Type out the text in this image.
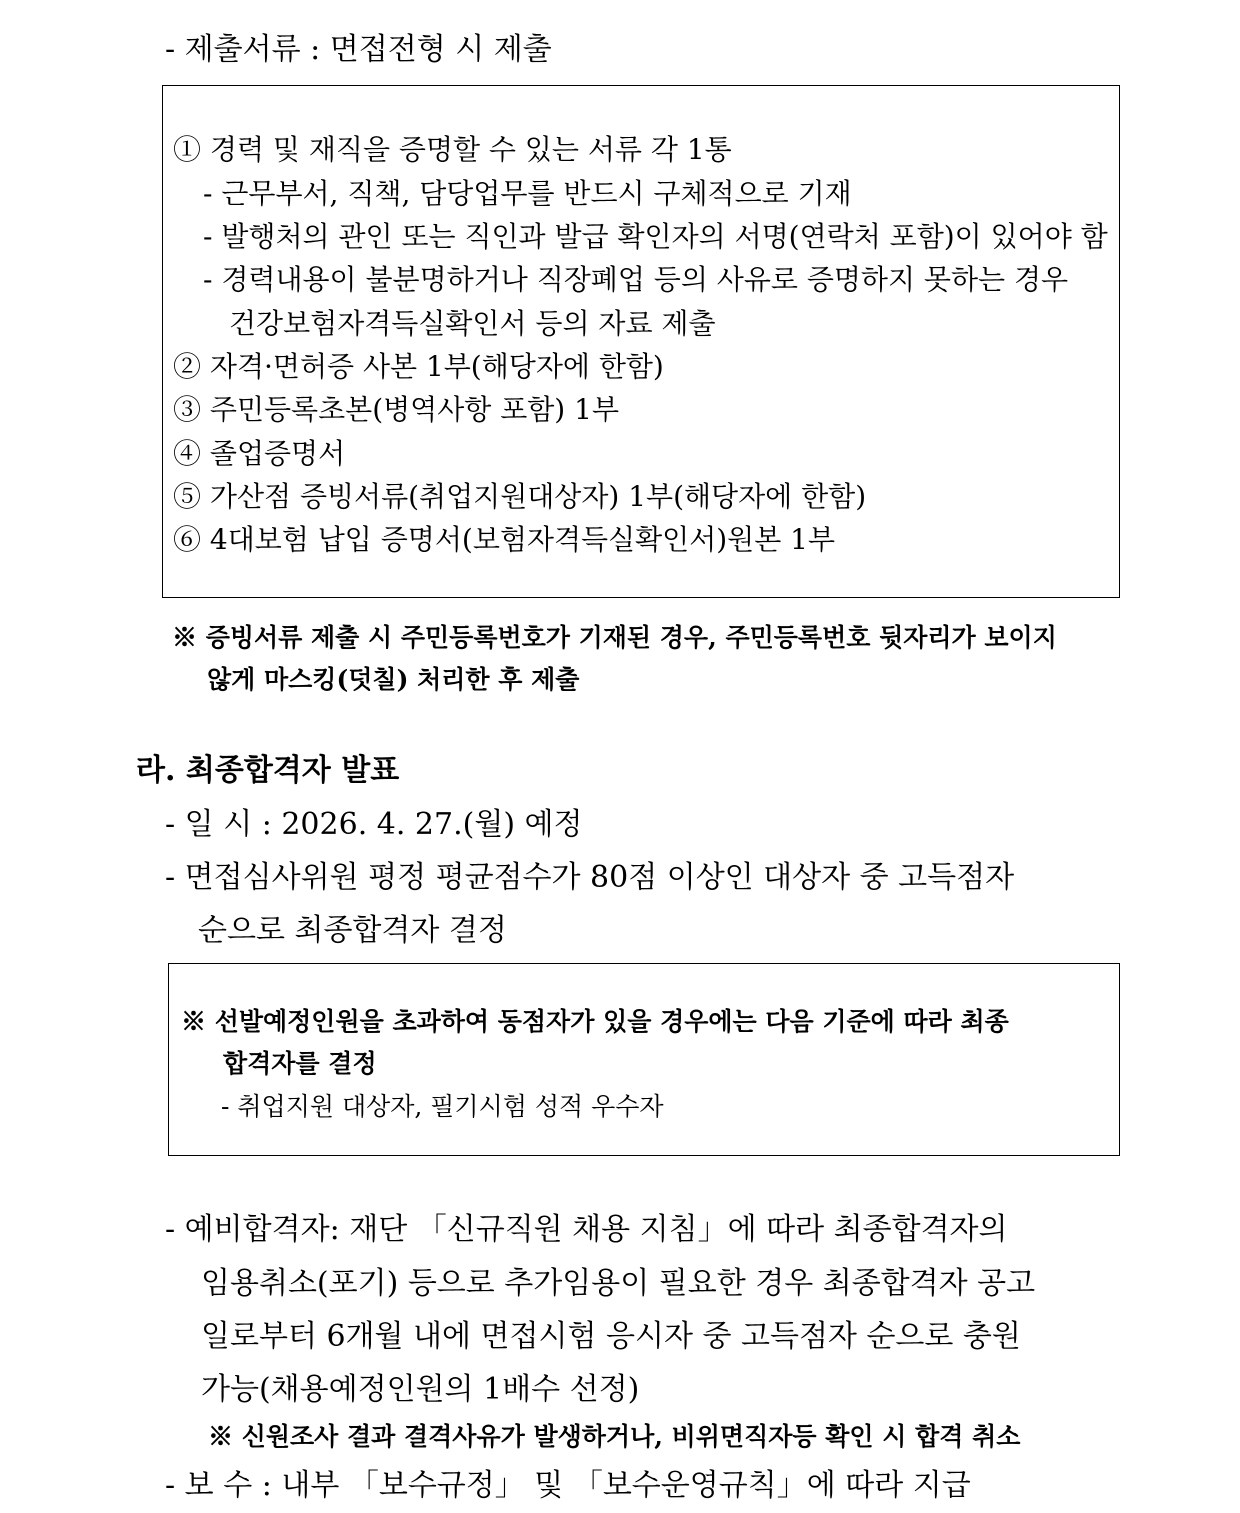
- 제출서류 : 면접전형 시 제출
① 경력 및 재직을 증명할 수 있는 서류 각 1통
- 근무부서, 직책, 담당업무를 반드시 구체적으로 기재
- 발행처의 관인 또는 직인과 발급 확인자의 서명(연락처 포함)이 있어야 함
- 경력내용이 불분명하거나 직장폐업 등의 사유로 증명하지 못하는 경우
건강보험자격득실확인서 등의 자료 제출
② 자격·면허증 사본 1부(해당자에 한함)
③ 주민등록초본(병역사항 포함) 1부
④ 졸업증명서
⑤ 가산점 증빙서류(취업지원대상자) 1부(해당자에 한함)
⑥ 4대보험 납입 증명서(보험자격득실확인서)원본 1부
※ 증빙서류 제출 시 주민등록번호가 기재된 경우, 주민등록번호 뒷자리가 보이지
않게 마스킹(덧칠) 처리한 후 제출
라. 최종합격자 발표
- 일 시 : 2026. 4. 27.(월) 예정
- 면접심사위원 평정 평균점수가 80점 이상인 대상자 중 고득점자
순으로 최종합격자 결정
※ 선발예정인원을 초과하여 동점자가 있을 경우에는 다음 기준에 따라 최종
합격자를 결정
- 취업지원 대상자, 필기시험 성적 우수자
- 예비합격자: 재단 「신규직원 채용 지침」에 따라 최종합격자의
임용취소(포기) 등으로 추가임용이 필요한 경우 최종합격자 공고
일로부터 6개월 내에 면접시험 응시자 중 고득점자 순으로 충원
가능(채용예정인원의 1배수 선정)
※ 신원조사 결과 결격사유가 발생하거나, 비위면직자등 확인 시 합격 취소
- 보 수 : 내부 「보수규정」 및 「보수운영규칙」에 따라 지급
